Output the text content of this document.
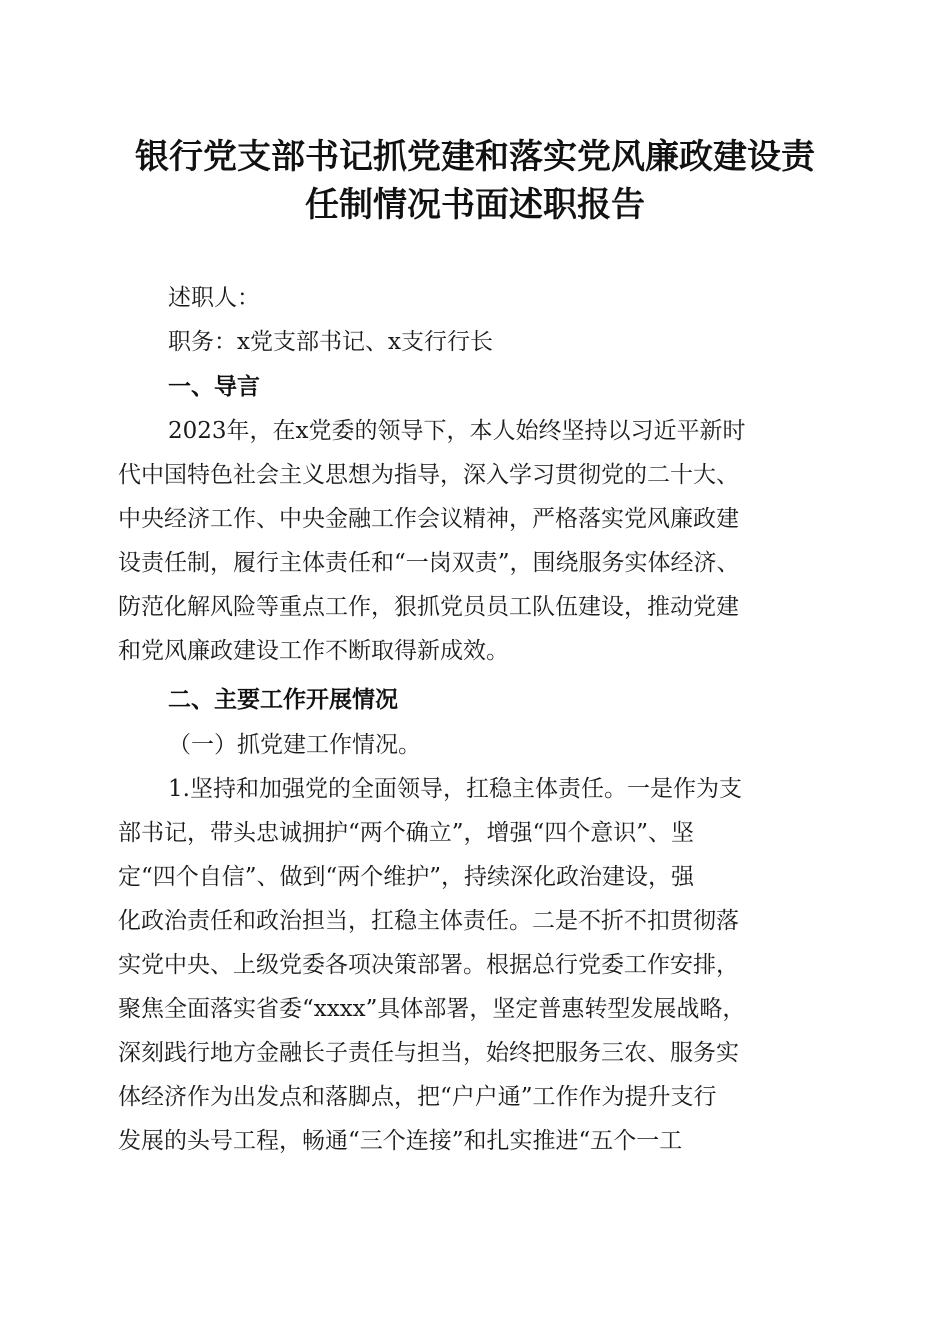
银行党支部书记抓党建和落实党风廉政建设责
任制情况书面述职报告
述职人：
职务：x党支部书记、x支行行长
一、导言
2023年，在x党委的领导下，本人始终坚持以习近平新时
代中国特色社会主义思想为指导，深入学习贯彻党的二十大、
中央经济工作、中央金融工作会议精神，严格落实党风廉政建
设责任制，履行主体责任和“一岗双责”，围绕服务实体经济、
防范化解风险等重点工作，狠抓党员员工队伍建设，推动党建
和党风廉政建设工作不断取得新成效。
二、主要工作开展情况
（一）抓党建工作情况。
1.坚持和加强党的全面领导，扛稳主体责任。一是作为支
部书记，带头忠诚拥护“两个确立”，增强“四个意识”、坚
定“四个自信”、做到“两个维护”，持续深化政治建设，强
化政治责任和政治担当，扛稳主体责任。二是不折不扣贯彻落
实党中央、上级党委各项决策部署。根据总行党委工作安排，
聚焦全面落实省委“xxxx”具体部署，坚定普惠转型发展战略，
深刻践行地方金融长子责任与担当，始终把服务三农、服务实
体经济作为出发点和落脚点，把“户户通”工作作为提升支行
发展的头号工程，畅通“三个连接”和扎实推进“五个一工
